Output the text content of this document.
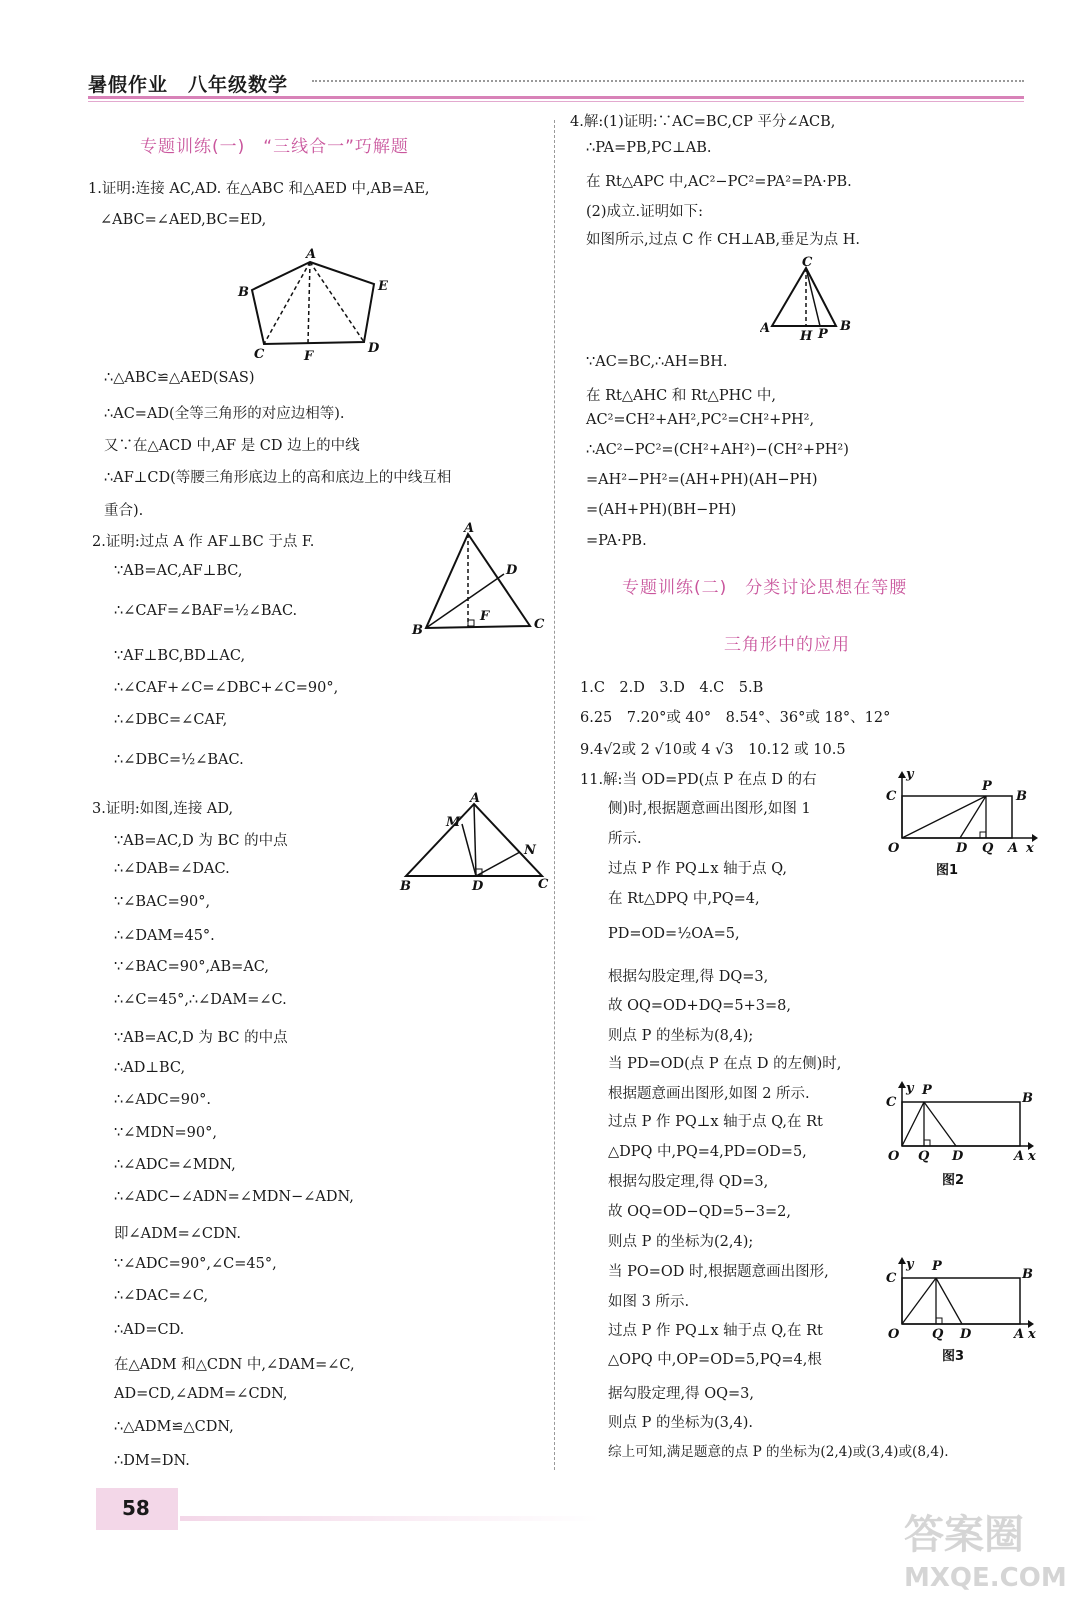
暑假作业　八年级数学
专题训练(一)　“三线合一”巧解题
1.证明:连接 AC,AD. 在△ABC 和△AED 中,AB=AE,
∠ABC=∠AED,BC=ED,
A
B	E
C	F
D
∴△ABC≌△AED(SAS)
∴AC=AD(全等三角形的对应边相等).
又∵在△ACD 中,AF 是 CD 边上的中线
∴AF⊥CD(等腰三角形底边上的高和底边上的中线互相
重合).
2.证明:过点 A 作 AF⊥BC 于点 F.
∵AB=AC,AF⊥BC,
∴∠CAF=∠BAF=½∠BAC.
∵AF⊥BC,BD⊥AC,
∴∠CAF+∠C=∠DBC+∠C=90°,
∴∠DBC=∠CAF,
∴∠DBC=½∠BAC.
A
D
F
B	C
3.证明:如图,连接 AD,
∵AB=AC,D 为 BC 的中点
∴∠DAB=∠DAC.
∵∠BAC=90°,
∴∠DAM=45°.
∵∠BAC=90°,AB=AC,
∴∠C=45°,∴∠DAM=∠C.
∵AB=AC,D 为 BC 的中点
∴AD⊥BC,
∴∠ADC=90°.
∵∠MDN=90°,
∴∠ADC=∠MDN,
∴∠ADC−∠ADN=∠MDN−∠ADN,
即∠ADM=∠CDN.
∵∠ADC=90°,∠C=45°,
∴∠DAC=∠C,
∴AD=CD.
在△ADM 和△CDN 中,∠DAM=∠C,
AD=CD,∠ADM=∠CDN,
∴△ADM≌△CDN,
∴DM=DN.
A
M
N
B	D	C
4.解:(1)证明:∵AC=BC,CP 平分∠ACB,
∴PA=PB,PC⊥AB.
在 Rt△APC 中,AC²−PC²=PA²=PA·PB.
(2)成立.证明如下:
如图所示,过点 C 作 CH⊥AB,垂足为点 H.
C
A
H P
B
∵AC=BC,∴AH=BH.
在 Rt△AHC 和 Rt△PHC 中,
AC²=CH²+AH²,PC²=CH²+PH²,
∴AC²−PC²=(CH²+AH²)−(CH²+PH²)
=AH²−PH²=(AH+PH)(AH−PH)
=(AH+PH)(BH−PH)
=PA·PB.
专题训练(二)　分类讨论思想在等腰
三角形中的应用
1.C　2.D　3.D　4.C　5.B
6.25　7.20°或 40°　8.54°、36°或 18°、12°
9.4√2或 2 √10或 4 √3　10.12 或 10.5
11.解:当 OD=PD(点 P 在点 D 的右
侧)时,根据题意画出图形,如图 1
所示.
过点 P 作 PQ⊥x 轴于点 Q,
在 Rt△DPQ 中,PQ=4,
PD=OD=½OA=5,
根据勾股定理,得 DQ=3,
故 OQ=OD+DQ=5+3=8,
则点 P 的坐标为(8,4);
当 PD=OD(点 P 在点 D 的左侧)时,
根据题意画出图形,如图 2 所示.
过点 P 作 PQ⊥x 轴于点 Q,在 Rt
△DPQ 中,PQ=4,PD=OD=5,
根据勾股定理,得 QD=3,
故 OQ=OD−QD=5−3=2,
则点 P 的坐标为(2,4);
当 PO=OD 时,根据题意画出图形,
如图 3 所示.
过点 P 作 PQ⊥x 轴于点 Q,在 Rt
△OPQ 中,OP=OD=5,PQ=4,根
据勾股定理,得 OQ=3,
则点 P 的坐标为(3,4).
综上可知,满足题意的点 P 的坐标为(2,4)或(3,4)或(8,4).
y
C
P
B
O	D Q A x
图1
y P
C	B
O Q D	A x
图2
y P
C	B
O	Q D	A x
图3
58
答案圈
MXQE.COM
